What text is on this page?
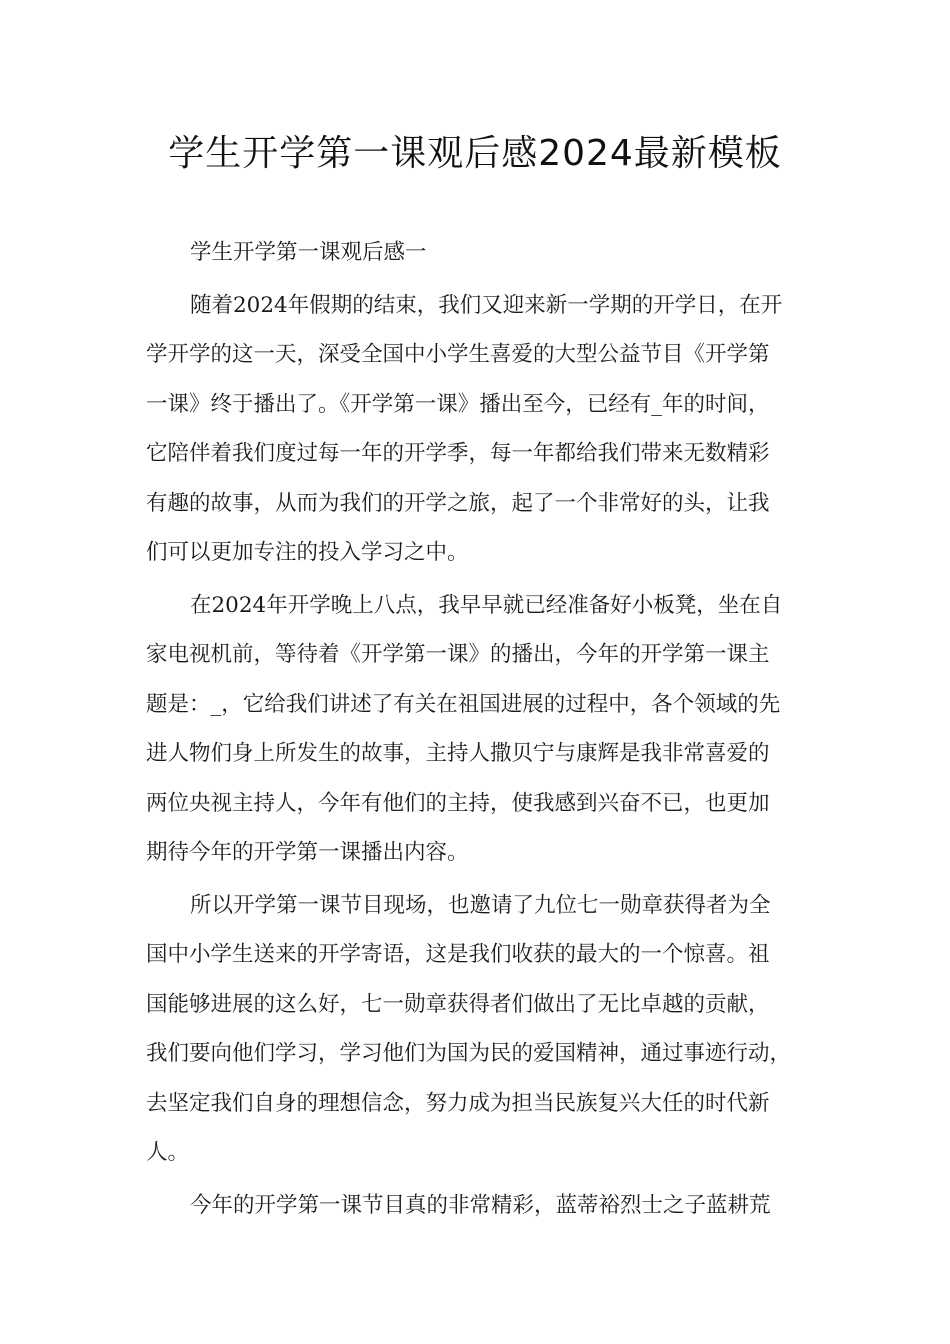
学生开学第一课观后感2024最新模板

学生开学第一课观后感一

随着2024年假期的结束，我们又迎来新一学期的开学日，在开
学开学的这一天，深受全国中小学生喜爱的大型公益节目《开学第
一课》终于播出了。《开学第一课》播出至今，已经有_年的时间，
它陪伴着我们度过每一年的开学季，每一年都给我们带来无数精彩
有趣的故事，从而为我们的开学之旅，起了一个非常好的头，让我
们可以更加专注的投入学习之中。

在2024年开学晚上八点，我早早就已经准备好小板凳，坐在自
家电视机前，等待着《开学第一课》的播出，今年的开学第一课主
题是：_，它给我们讲述了有关在祖国进展的过程中，各个领域的先
进人物们身上所发生的故事，主持人撒贝宁与康辉是我非常喜爱的
两位央视主持人，今年有他们的主持，使我感到兴奋不已，也更加
期待今年的开学第一课播出内容。

所以开学第一课节目现场，也邀请了九位七一勋章获得者为全
国中小学生送来的开学寄语，这是我们收获的最大的一个惊喜。祖
国能够进展的这么好，七一勋章获得者们做出了无比卓越的贡献，
我们要向他们学习，学习他们为国为民的爱国精神，通过事迹行动，
去坚定我们自身的理想信念，努力成为担当民族复兴大任的时代新
人。

今年的开学第一课节目真的非常精彩，蓝蒂裕烈士之子蓝耕荒
